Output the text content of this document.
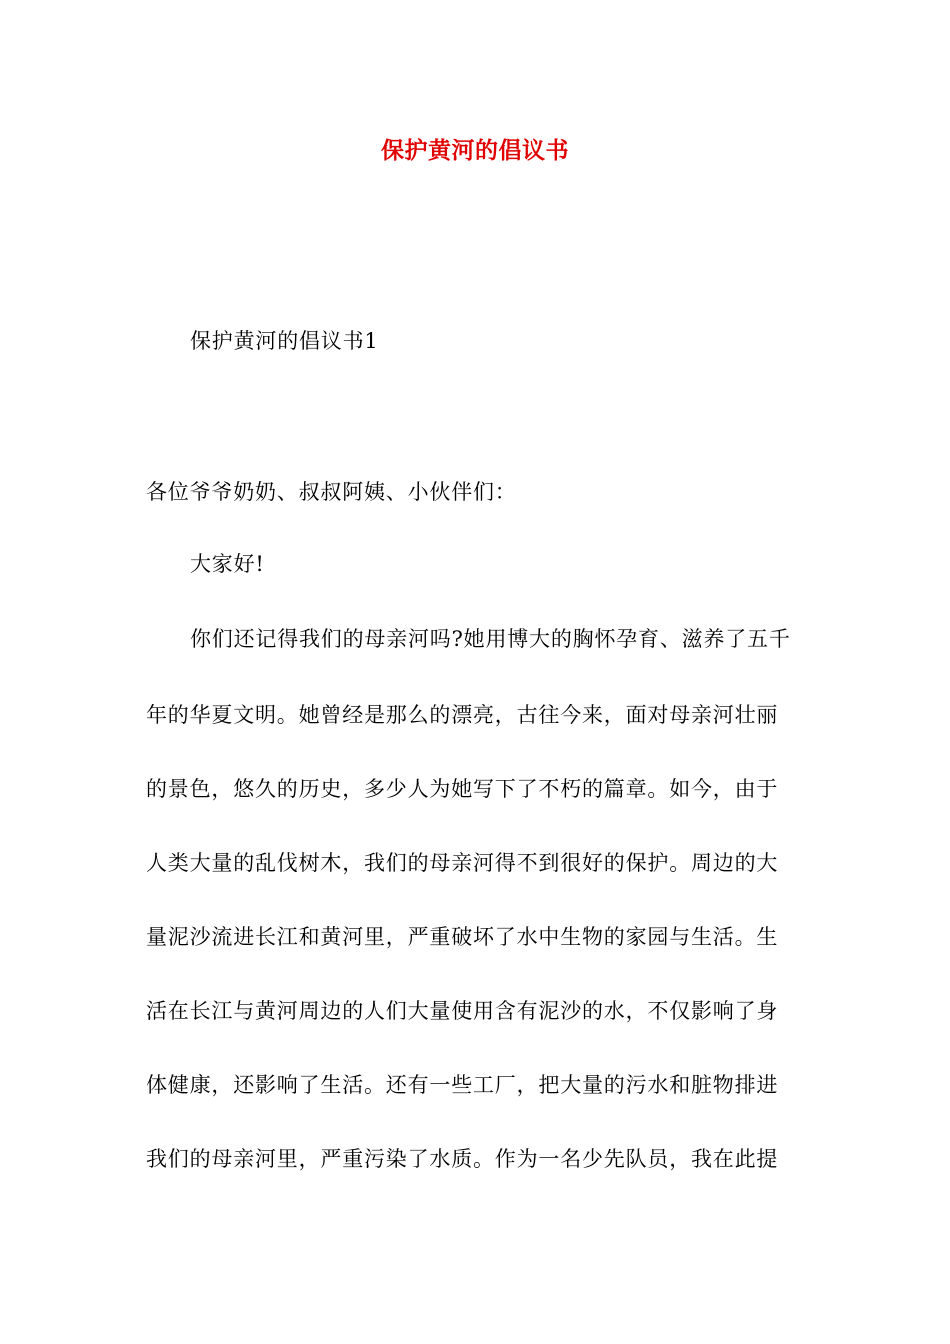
保护黄河的倡议书
保护黄河的倡议书1
各位爷爷奶奶、叔叔阿姨、小伙伴们：
大家好!
你们还记得我们的母亲河吗?她用博大的胸怀孕育、滋养了五千
年的华夏文明。她曾经是那么的漂亮，古往今来，面对母亲河壮丽
的景色，悠久的历史，多少人为她写下了不朽的篇章。如今，由于
人类大量的乱伐树木，我们的母亲河得不到很好的保护。周边的大
量泥沙流进长江和黄河里，严重破坏了水中生物的家园与生活。生
活在长江与黄河周边的人们大量使用含有泥沙的水，不仅影响了身
体健康，还影响了生活。还有一些工厂，把大量的污水和脏物排进
我们的母亲河里，严重污染了水质。作为一名少先队员，我在此提
